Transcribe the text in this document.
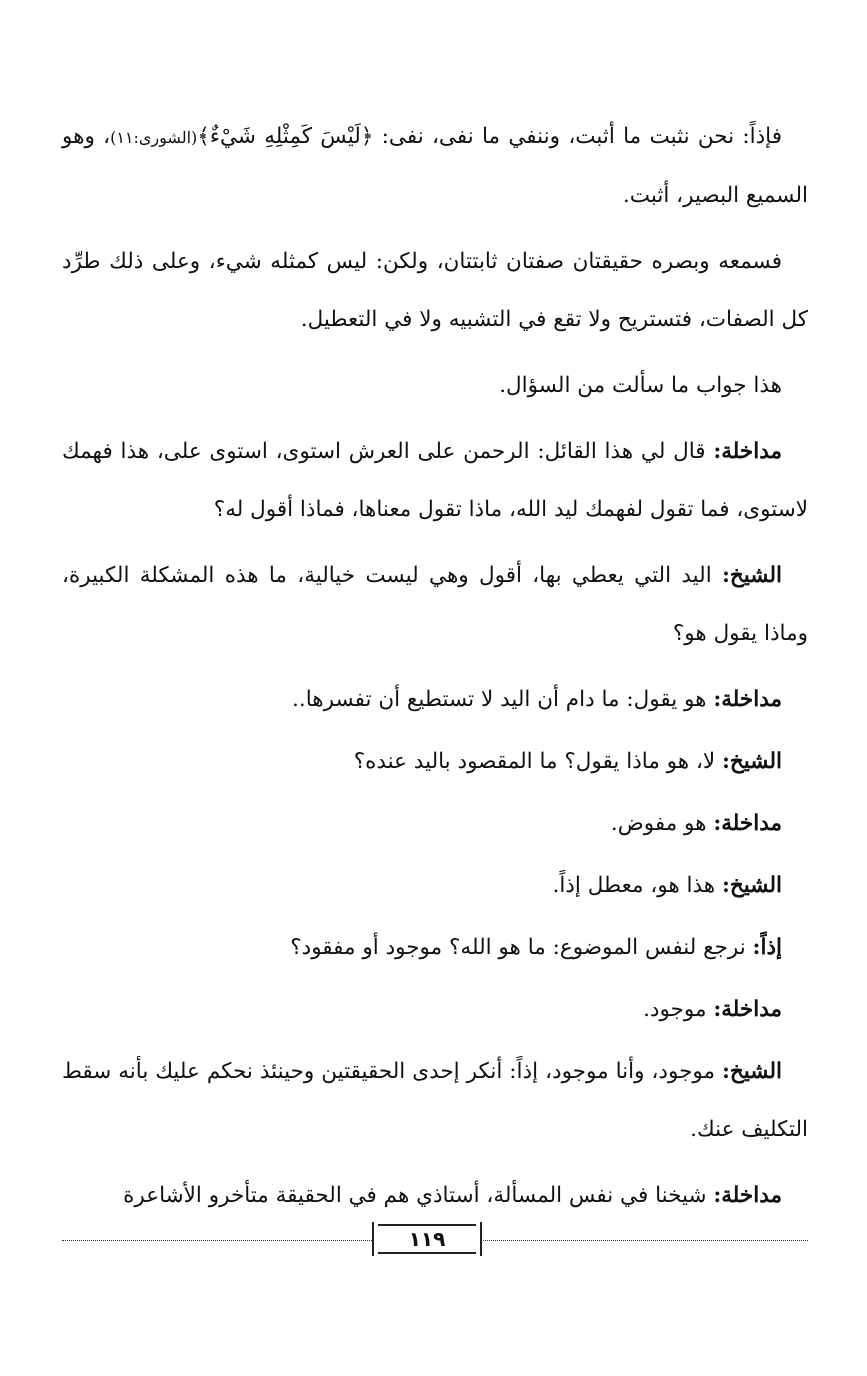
فإذاً: نحن نثبت ما أثبت، وننفي ما نفى، نفى: ﴿لَيْسَ كَمِثْلِهِ شَيْءٌ﴾(الشورى:١١)، وهو السميع البصير، أثبت.

فسمعه وبصره حقيقتان صفتان ثابتتان، ولكن: ليس كمثله شيء، وعلى ذلك طرِّد كل الصفات، فتستريح ولا تقع في التشبيه ولا في التعطيل.

هذا جواب ما سألت من السؤال.

مداخلة: قال لي هذا القائل: الرحمن على العرش استوى، استوى على، هذا فهمك لاستوى، فما تقول لفهمك ليد الله، ماذا تقول معناها، فماذا أقول له؟

الشيخ: اليد التي يعطي بها، أقول وهي ليست خيالية، ما هذه المشكلة الكبيرة، وماذا يقول هو؟

مداخلة: هو يقول: ما دام أن اليد لا تستطيع أن تفسرها..

الشيخ: لا، هو ماذا يقول؟ ما المقصود باليد عنده؟

مداخلة: هو مفوض.

الشيخ: هذا هو، معطل إذاً.

إذاً: نرجع لنفس الموضوع: ما هو الله؟ موجود أو مفقود؟

مداخلة: موجود.

الشيخ: موجود، وأنا موجود، إذاً: أنكر إحدى الحقيقتين وحينئذ نحكم عليك بأنه سقط التكليف عنك.

مداخلة: شيخنا في نفس المسألة، أستاذي هم في الحقيقة متأخرو الأشاعرة

١١٩
